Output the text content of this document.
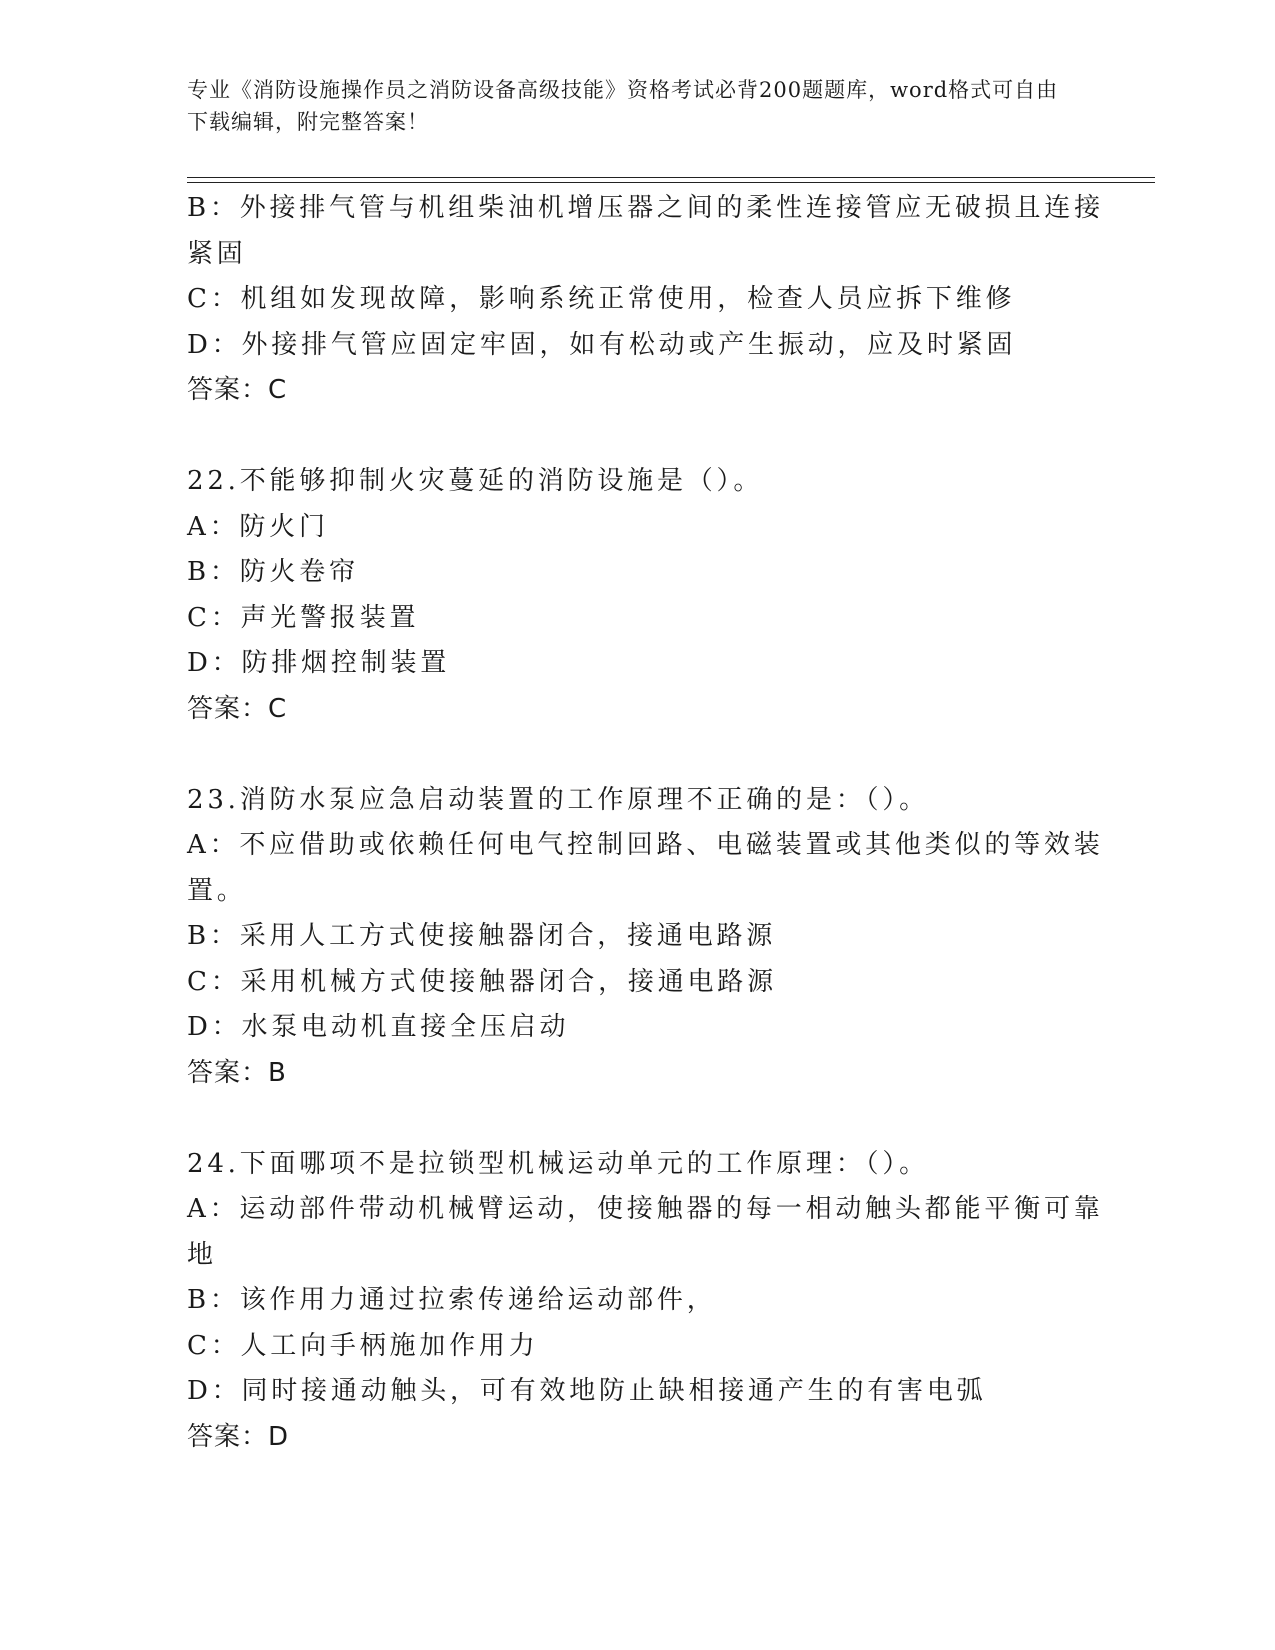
专业《消防设施操作员之消防设备高级技能》资格考试必背200题题库，word格式可自由下载编辑，附完整答案！
B：外接排气管与机组柴油机增压器之间的柔性连接管应无破损且连接
紧固
C：机组如发现故障，影响系统正常使用，检查人员应拆下维修
D：外接排气管应固定牢固，如有松动或产生振动，应及时紧固
答案：C
22.不能够抑制火灾蔓延的消防设施是（）。
A：防火门
B：防火卷帘
C：声光警报装置
D：防排烟控制装置
答案：C
23.消防水泵应急启动装置的工作原理不正确的是：（）。
A：不应借助或依赖任何电气控制回路、电磁装置或其他类似的等效装
置。
B：采用人工方式使接触器闭合，接通电路源
C：采用机械方式使接触器闭合，接通电路源
D：水泵电动机直接全压启动
答案：B
24.下面哪项不是拉锁型机械运动单元的工作原理：（）。
A：运动部件带动机械臂运动，使接触器的每一相动触头都能平衡可靠
地
B：该作用力通过拉索传递给运动部件，
C：人工向手柄施加作用力
D：同时接通动触头，可有效地防止缺相接通产生的有害电弧
答案：D
